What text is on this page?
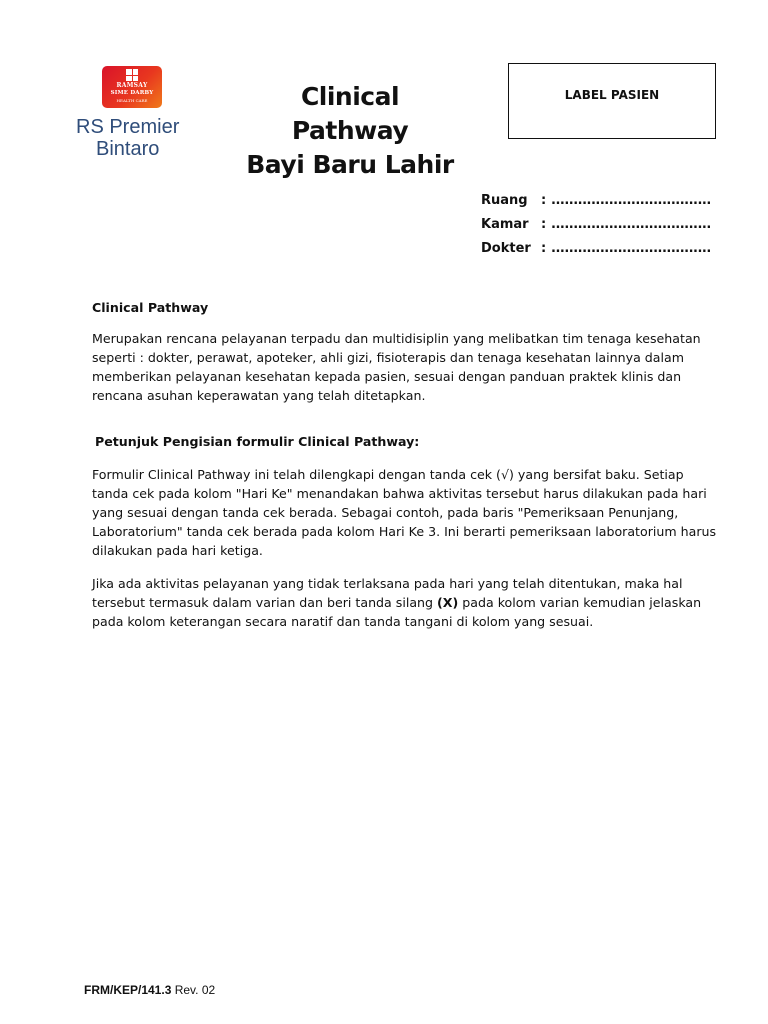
RAMSAY
SIME DARBY
HEALTH CARE
RS Premier
Bintaro
Clinical Pathway
Bayi Baru Lahir
LABEL PASIEN
Ruang	: ....................................
Kamar : ....................................
Dokter : ....................................

Clinical Pathway

Merupakan rencana pelayanan terpadu dan multidisiplin yang melibatkan tim tenaga kesehatan seperti : dokter, perawat, apoteker, ahli gizi, fisioterapis dan tenaga kesehatan lainnya dalam memberikan pelayanan kesehatan kepada pasien, sesuai dengan panduan praktek klinis dan rencana asuhan keperawatan yang telah ditetapkan.

Petunjuk Pengisian formulir Clinical Pathway:

Formulir Clinical Pathway ini telah dilengkapi dengan tanda cek (√) yang bersifat baku. Setiap tanda cek pada kolom "Hari Ke" menandakan bahwa aktivitas tersebut harus dilakukan pada hari yang sesuai dengan tanda cek berada. Sebagai contoh, pada baris "Pemeriksaan Penunjang, Laboratorium" tanda cek berada pada kolom Hari Ke 3. Ini berarti pemeriksaan laboratorium harus dilakukan pada hari ketiga.

Jika ada aktivitas pelayanan yang tidak terlaksana pada hari yang telah ditentukan, maka hal tersebut termasuk dalam varian dan beri tanda silang (X) pada kolom varian kemudian jelaskan pada kolom keterangan secara naratif dan tanda tangani di kolom yang sesuai.

FRM/KEP/141.3 Rev. 02
